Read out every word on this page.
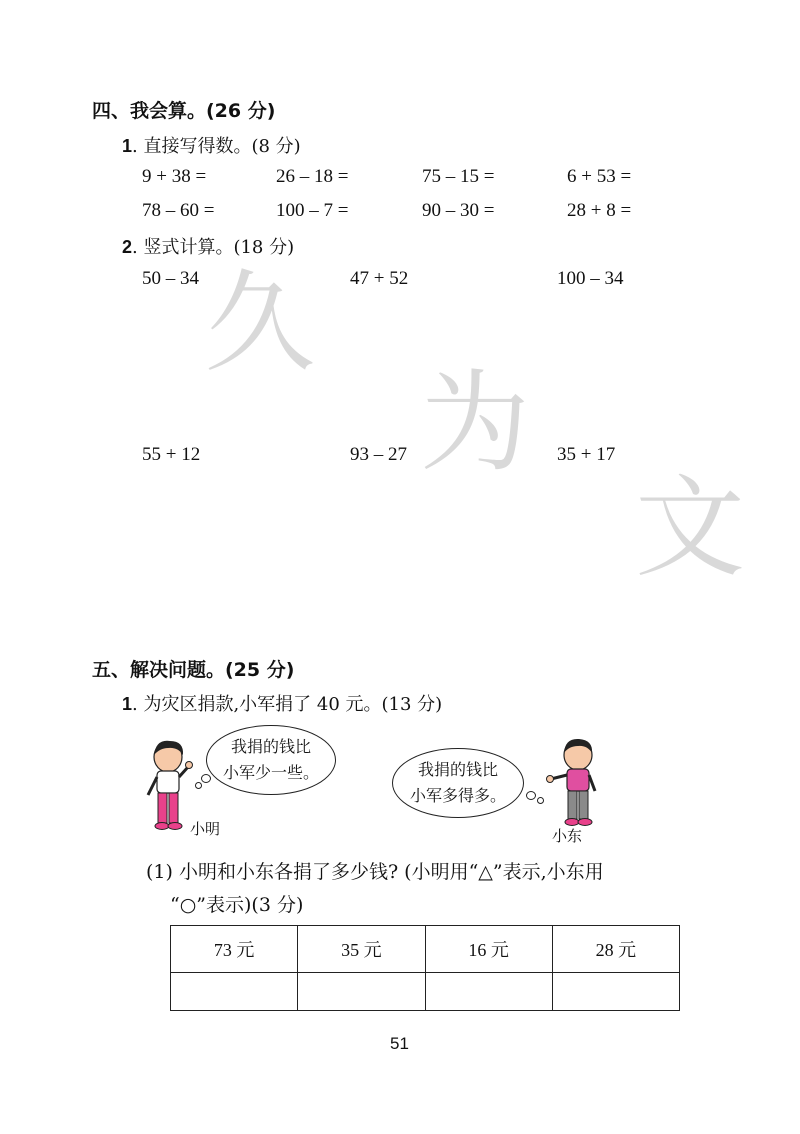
四、我会算。(26 分)
1. 直接写得数。(8 分)
9 + 38 =	26 – 18 =	75 – 15 =	6 + 53 =
78 – 60 =	100 – 7 =	90 – 30 =	28 + 8 =
2. 竖式计算。(18 分)
50 – 34	47 + 52	100 – 34
55 + 12	93 – 27	35 + 17
久
为
文
五、解决问题。(25 分)
1. 为灾区捐款,小军捐了 40 元。(13 分)
我捐的钱比
小军少一些。
小明
我捐的钱比
小军多得多。
小东
(1) 小明和小东各捐了多少钱? (小明用“△”表示,小东用
“○”表示)(3 分)
73 元	35 元	16 元	28 元

51
